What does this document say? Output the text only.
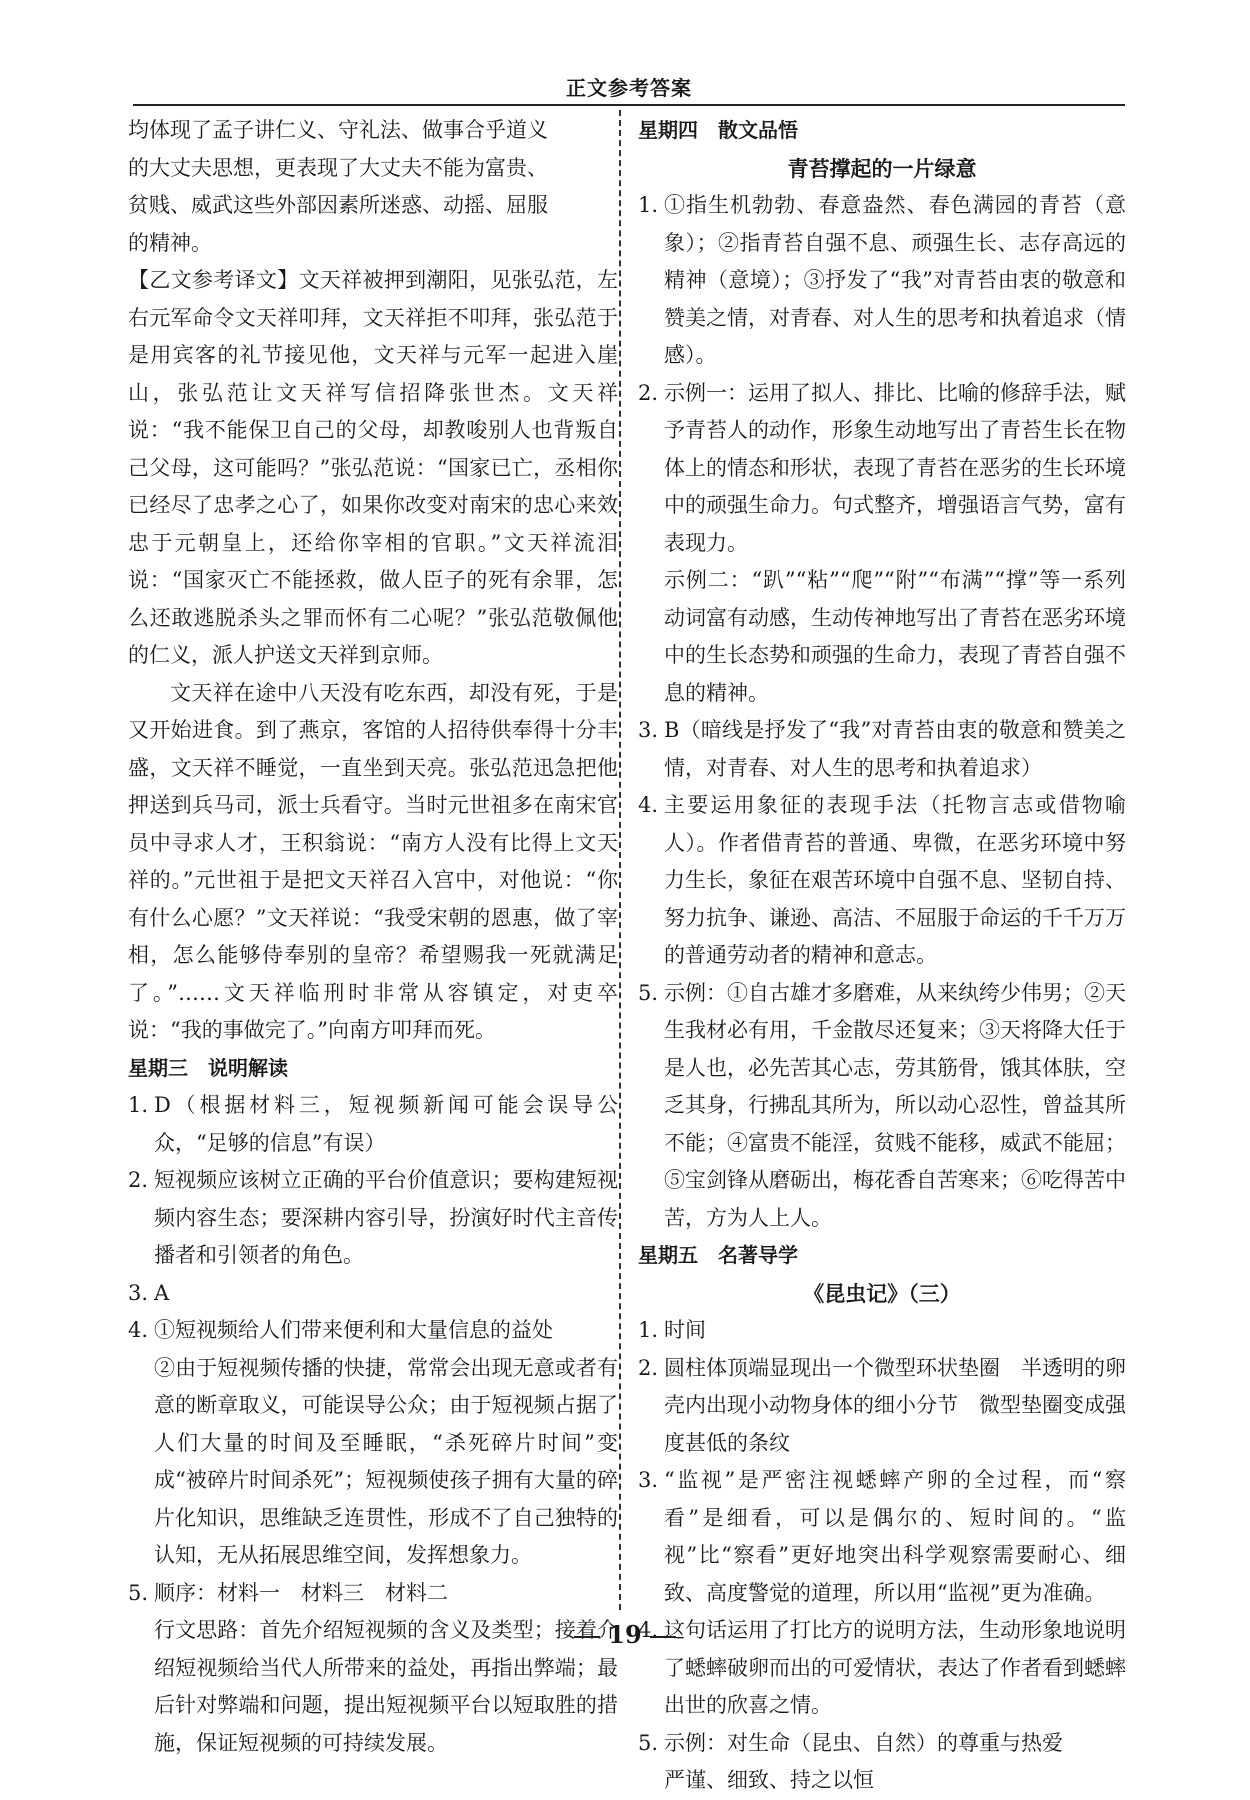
正文参考答案

均体现了孟子讲仁义、守礼法、做事合乎道义

的大丈夫思想，更表现了大丈夫不能为富贵、

贫贱、威武这些外部因素所迷惑、动摇、屈服

的精神。

【乙文参考译文】文天祥被押到潮阳，见张弘范，左右元军命令文天祥叩拜，文天祥拒不叩拜，张弘范于是用宾客的礼节接见他，文天祥与元军一起进入崖山，张弘范让文天祥写信招降张世杰。文天祥说：“我不能保卫自己的父母，却教唆别人也背叛自己父母，这可能吗？”张弘范说：“国家已亡，丞相你已经尽了忠孝之心了，如果你改变对南宋的忠心来效忠于元朝皇上，还给你宰相的官职。”文天祥流泪说：“国家灭亡不能拯救，做人臣子的死有余罪，怎么还敢逃脱杀头之罪而怀有二心呢？”张弘范敬佩他的仁义，派人护送文天祥到京师。

文天祥在途中八天没有吃东西，却没有死，于是又开始进食。到了燕京，客馆的人招待供奉得十分丰盛，文天祥不睡觉，一直坐到天亮。张弘范迅急把他押送到兵马司，派士兵看守。当时元世祖多在南宋官员中寻求人才，王积翁说：“南方人没有比得上文天祥的。”元世祖于是把文天祥召入宫中，对他说：“你有什么心愿？”文天祥说：“我受宋朝的恩惠，做了宰相，怎么能够侍奉别的皇帝？希望赐我一死就满足了。”……文天祥临刑时非常从容镇定，对吏卒说：“我的事做完了。”向南方叩拜而死。

星期三　说明解读

1. D（根据材料三，短视频新闻可能会误导公众，“足够的信息”有误）

2. 短视频应该树立正确的平台价值意识；要构建短视频内容生态；要深耕内容引导，扮演好时代主音传播者和引领者的角色。

3. A

4. ①短视频给人们带来便利和大量信息的益处

②由于短视频传播的快捷，常常会出现无意或者有意的断章取义，可能误导公众；由于短视频占据了人们大量的时间及至睡眠，“杀死碎片时间”变成“被碎片时间杀死”；短视频使孩子拥有大量的碎片化知识，思维缺乏连贯性，形成不了自己独特的认知，无从拓展思维空间，发挥想象力。

5. 顺序：材料一　材料三　材料二

行文思路：首先介绍短视频的含义及类型；接着介绍短视频给当代人所带来的益处，再指出弊端；最后针对弊端和问题，提出短视频平台以短取胜的措施，保证短视频的可持续发展。

星期四　散文品悟

青苔撑起的一片绿意

1. ①指生机勃勃、春意盎然、春色满园的青苔（意象）；②指青苔自强不息、顽强生长、志存高远的精神（意境）；③抒发了“我”对青苔由衷的敬意和赞美之情，对青春、对人生的思考和执着追求（情感）。

2. 示例一：运用了拟人、排比、比喻的修辞手法，赋予青苔人的动作，形象生动地写出了青苔生长在物体上的情态和形状，表现了青苔在恶劣的生长环境中的顽强生命力。句式整齐，增强语言气势，富有表现力。

示例二：“趴”“粘”“爬”“附”“布满”“撑”等一系列动词富有动感，生动传神地写出了青苔在恶劣环境中的生长态势和顽强的生命力，表现了青苔自强不息的精神。

3. B（暗线是抒发了“我”对青苔由衷的敬意和赞美之情，对青春、对人生的思考和执着追求）

4. 主要运用象征的表现手法（托物言志或借物喻人）。作者借青苔的普通、卑微，在恶劣环境中努力生长，象征在艰苦环境中自强不息、坚韧自持、努力抗争、谦逊、高洁、不屈服于命运的千千万万的普通劳动者的精神和意志。

5. 示例：①自古雄才多磨难，从来纨绔少伟男；②天生我材必有用，千金散尽还复来；③天将降大任于是人也，必先苦其心志，劳其筋骨，饿其体肤，空乏其身，行拂乱其所为，所以动心忍性，曾益其所不能；④富贵不能淫，贫贱不能移，威武不能屈；⑤宝剑锋从磨砺出，梅花香自苦寒来；⑥吃得苦中苦，方为人上人。

星期五　名著导学

《昆虫记》（三）

1. 时间

2. 圆柱体顶端显现出一个微型环状垫圈　半透明的卵壳内出现小动物身体的细小分节　微型垫圈变成强度甚低的条纹

3. “监视”是严密注视蟋蟀产卵的全过程，而“察看”是细看，可以是偶尔的、短时间的。“监视”比“察看”更好地突出科学观察需要耐心、细致、高度警觉的道理，所以用“监视”更为准确。

4. 这句话运用了打比方的说明方法，生动形象地说明了蟋蟀破卵而出的可爱情状，表达了作者看到蟋蟀出世的欣喜之情。

5. 示例：对生命（昆虫、自然）的尊重与热爱

严谨、细致、持之以恒

19
